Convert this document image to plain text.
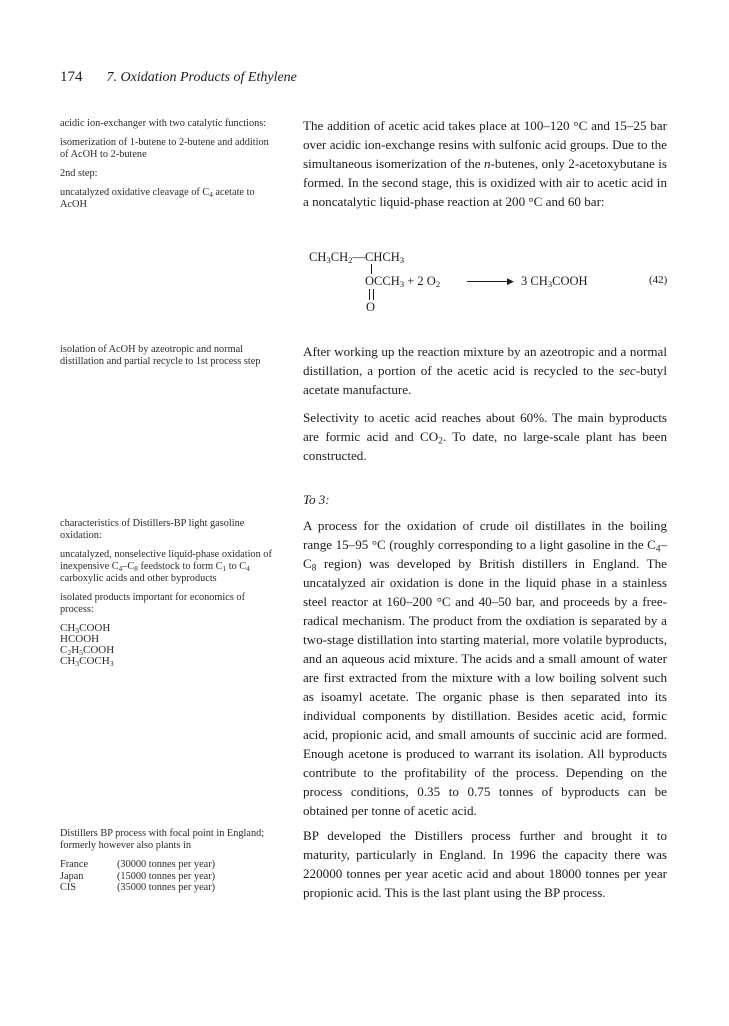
174 7. Oxidation Products of Ethylene

acidic ion-exchanger with two catalytic functions:

isomerization of 1-butene to 2-butene and addition of AcOH to 2-butene

2nd step:

uncatalyzed oxidative cleavage of $C_4$ acetate to AcOH

isolation of AcOH by azeotropic and normal distillation and partial recycle to 1st process step

characteristics of Distillers-BP light gasoline oxidation:

uncatalyzed, nonselective liquid-phase oxidation of inexpensive $C_4-C_8$ feedstock to form $C_1$ to $C_4$ carboxylic acids and other byproducts

isolated products important for economics of process:

$CH_3COOH$
HCOOH
$C_2H_5COOH$
$CH_3COCH_3$

Distillers BP process with focal point in England; formerly however also plants in

France	(30000 tonnes per year)
Japan	(15000 tonnes per year)
CIS	(35000 tonnes per year)

The addition of acetic acid takes place at 100–120 °C and 15–25 bar over acidic ion-exchange resins with sulfonic acid groups. Due to the simultaneous isomerization of the n-butenes, only 2-acetoxybutane is formed. In the second stage, this is oxidized with air to acetic acid in a noncatalytic liquid-phase reaction at 200 °C and 60 bar:

$CH_3CH_2—CHCH_3$
$OCCH_3 + 2$ $O_2$	▶ 3 $CH_3COOH$
O
(42)

After working up the reaction mixture by an azeotropic and a normal distillation, a portion of the acetic acid is recycled to the sec-butyl acetate manufacture.

Selectivity to acetic acid reaches about 60%. The main byproducts are formic acid and $CO_2$. To date, no large-scale plant has been constructed.

To 3:

A process for the oxidation of crude oil distillates in the boiling range 15–95 °C (roughly corresponding to a light gasoline in the $C_4-C_8$ region) was developed by British distillers in England. The uncatalyzed air oxidation is done in the liquid phase in a stainless steel reactor at 160–200 °C and 40–50 bar, and proceeds by a free-radical mechanism. The product from the oxdiation is separated by a two-stage distillation into starting material, more volatile byproducts, and an aqueous acid mixture. The acids and a small amount of water are first extracted from the mixture with a low boiling solvent such as isoamyl acetate. The organic phase is then separated into its individual components by distillation. Besides acetic acid, formic acid, propionic acid, and small amounts of succinic acid are formed. Enough acetone is produced to warrant its isolation. All byproducts contribute to the profitability of the process. Depending on the process conditions, 0.35 to 0.75 tonnes of byproducts can be obtained per tonne of acetic acid.

BP developed the Distillers process further and brought it to maturity, particularly in England. In 1996 the capacity there was 220000 tonnes per year acetic acid and about 18000 tonnes per year propionic acid. This is the last plant using the BP process.
